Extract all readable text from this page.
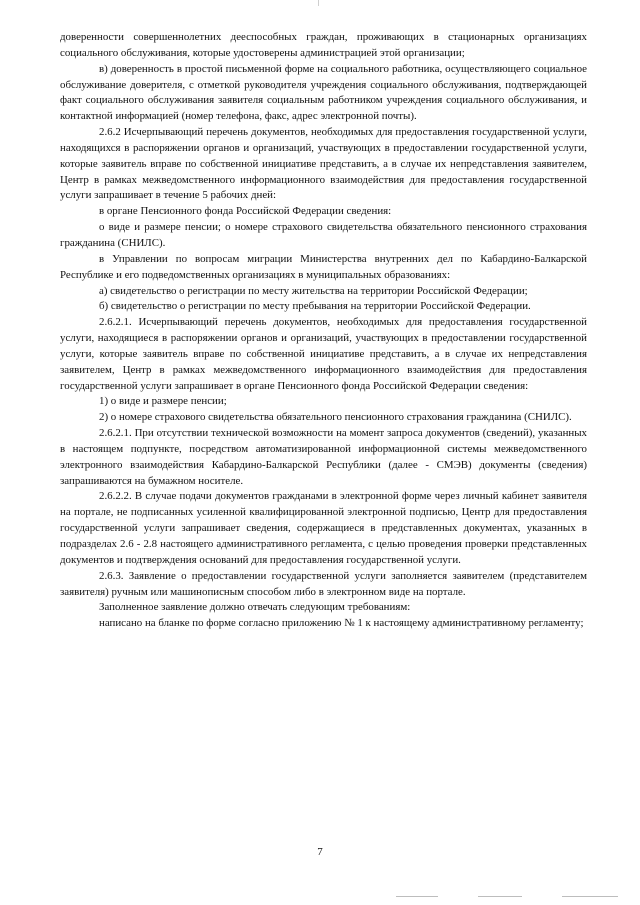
доверенности совершеннолетних дееспособных граждан, проживающих в стационарных организациях социального обслуживания, которые удостоверены администрацией этой организации;

в) доверенность в простой письменной форме на социального работника, осуществляющего социальное обслуживание доверителя, с отметкой руководителя учреждения социального обслуживания, подтверждающей факт социального обслуживания заявителя социальным работником учреждения социального обслуживания, и контактной информацией (номер телефона, факс, адрес электронной почты).

2.6.2 Исчерпывающий перечень документов, необходимых для предоставления государственной услуги, находящихся в распоряжении органов и организаций, участвующих в предоставлении государственной услуги, которые заявитель вправе по собственной инициативе представить, а в случае их непредставления заявителем, Центр в рамках межведомственного информационного взаимодействия для предоставления государственной услуги запрашивает в течение 5 рабочих дней:

в органе Пенсионного фонда Российской Федерации сведения:

о виде и размере пенсии; о номере страхового свидетельства обязательного пенсионного страхования гражданина (СНИЛС).

в Управлении по вопросам миграции Министерства внутренних дел по Кабардино-Балкарской Республике и его подведомственных организациях в муниципальных образованиях:

а) свидетельство о регистрации по месту жительства на территории Российской Федерации;

б) свидетельство о регистрации по месту пребывания на территории Российской Федерации.

2.6.2.1. Исчерпывающий перечень документов, необходимых для предоставления государственной услуги, находящиеся в распоряжении органов и организаций, участвующих в предоставлении государственной услуги, которые заявитель вправе по собственной инициативе представить, а в случае их непредставления заявителем, Центр в рамках межведомственного информационного взаимодействия для предоставления государственной услуги запрашивает в органе Пенсионного фонда Российской Федерации сведения:

1) о виде и размере пенсии;

2) о номере страхового свидетельства обязательного пенсионного страхования гражданина (СНИЛС).

2.6.2.1. При отсутствии технической возможности на момент запроса документов (сведений), указанных в настоящем подпункте, посредством автоматизированной информационной системы межведомственного электронного взаимодействия Кабардино-Балкарской Республики (далее - СМЭВ) документы (сведения) запрашиваются на бумажном носителе.

2.6.2.2. В случае подачи документов гражданами в электронной форме через личный кабинет заявителя на портале, не подписанных усиленной квалифицированной электронной подписью, Центр для предоставления государственной услуги запрашивает сведения, содержащиеся в представленных документах, указанных в подразделах 2.6 - 2.8 настоящего административного регламента, с целью проведения проверки представленных документов и подтверждения оснований для предоставления государственной услуги.

2.6.3. Заявление о предоставлении государственной услуги заполняется заявителем (представителем заявителя) ручным или машинописным способом либо в электронном виде на портале.

Заполненное заявление должно отвечать следующим требованиям:

написано на бланке по форме согласно приложению № 1 к настоящему административному регламенту;

7
